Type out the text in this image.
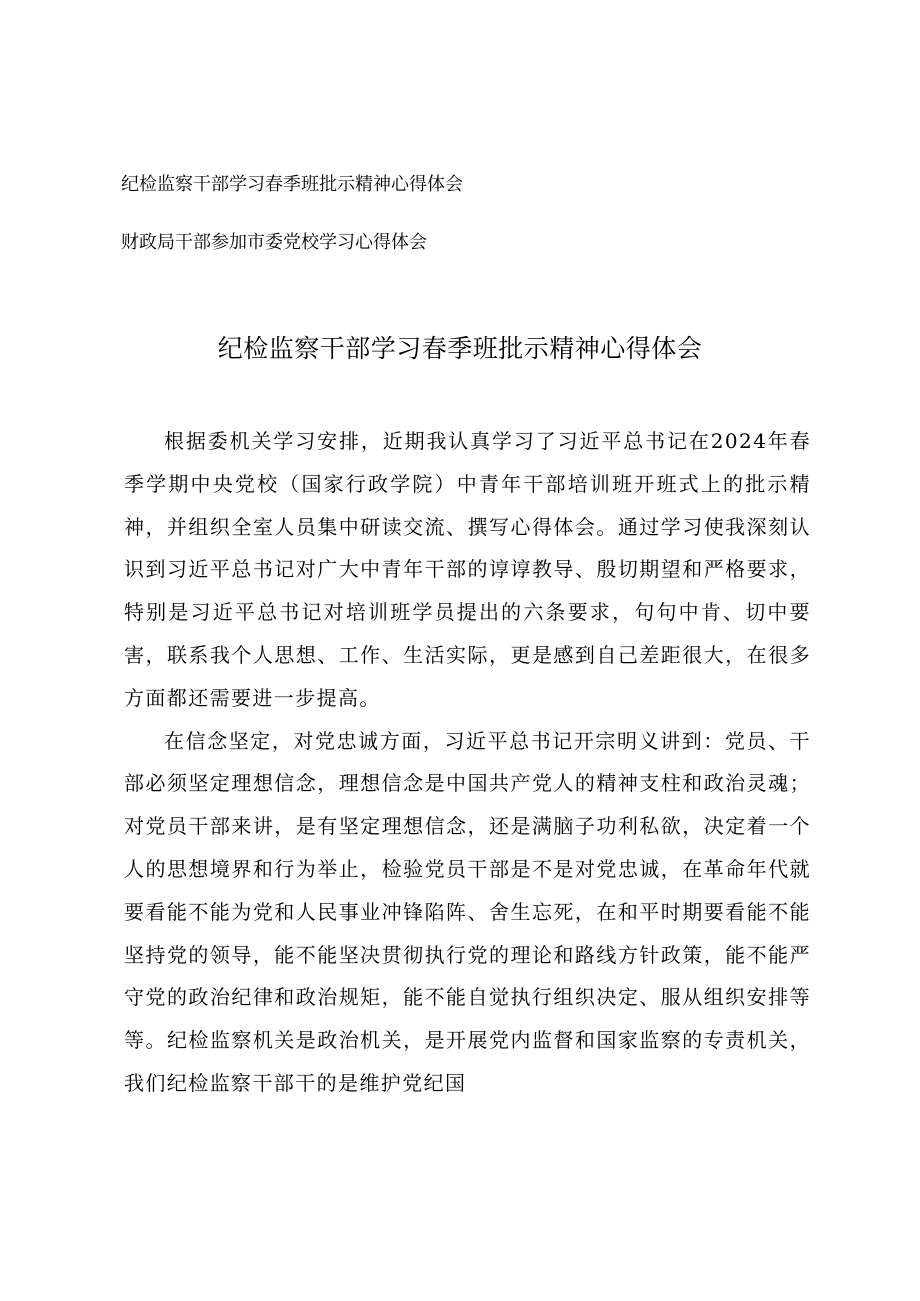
纪检监察干部学习春季班批示精神心得体会
财政局干部参加市委党校学习心得体会
纪检监察干部学习春季班批示精神心得体会

根据委机关学习安排，近期我认真学习了习近平总书记在2024年春季学期中央党校（国家行政学院）中青年干部培训班开班式上的批示精神，并组织全室人员集中研读交流、撰写心得体会。通过学习使我深刻认识到习近平总书记对广大中青年干部的谆谆教导、殷切期望和严格要求，特别是习近平总书记对培训班学员提出的六条要求，句句中肯、切中要害，联系我个人思想、工作、生活实际，更是感到自己差距很大，在很多方面都还需要进一步提高。

在信念坚定，对党忠诚方面，习近平总书记开宗明义讲到：党员、干部必须坚定理想信念，理想信念是中国共产党人的精神支柱和政治灵魂；对党员干部来讲，是有坚定理想信念，还是满脑子功利私欲，决定着一个人的思想境界和行为举止，检验党员干部是不是对党忠诚，在革命年代就要看能不能为党和人民事业冲锋陷阵、舍生忘死，在和平时期要看能不能坚持党的领导，能不能坚决贯彻执行党的理论和路线方针政策，能不能严守党的政治纪律和政治规矩，能不能自觉执行组织决定、服从组织安排等等。纪检监察机关是政治机关，是开展党内监督和国家监察的专责机关，我们纪检监察干部干的是维护党纪国
